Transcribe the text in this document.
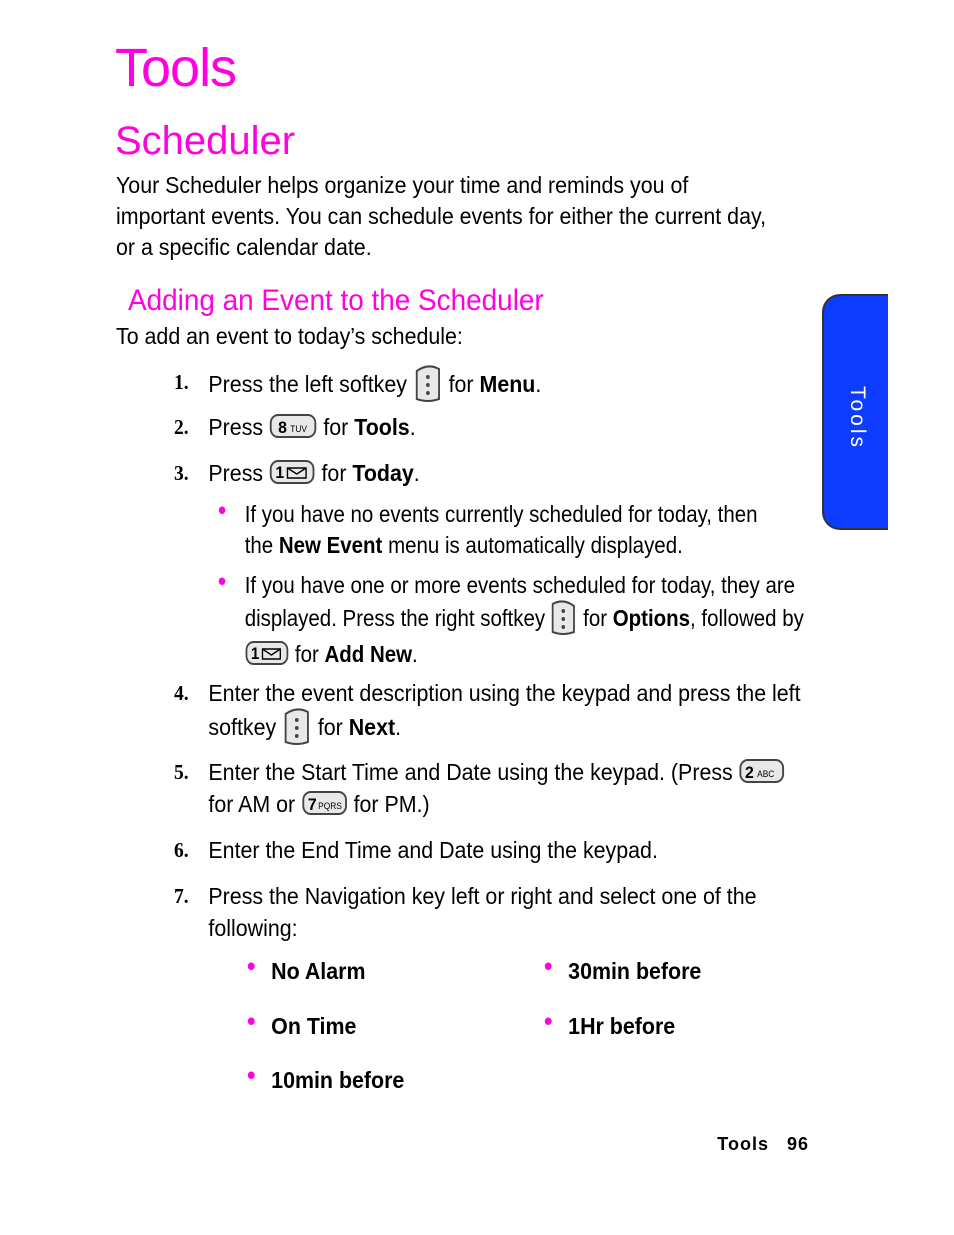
Tools
Scheduler

Your Scheduler helps organize your time and reminds you of important events. You can schedule events for either the current day, or a specific calendar date.

Adding an Event to the Scheduler

To add an event to today’s schedule:

1. Press the left softkey for Menu.
2. Press 8 TUV for Tools.
3. Press 1 for Today.
• If you have no events currently scheduled for today, then the New Event menu is automatically displayed.
• If you have one or more events scheduled for today, they are displayed. Press the right softkey for Options, followed by
1 for Add New.
4. Enter the event description using the keypad and press the left softkey for Next.
5. Enter the Start Time and Date using the keypad. (Press 2 ABC
for AM or 7 PQRS for PM.)
6. Enter the End Time and Date using the keypad.
7. Press the Navigation key left or right and select one of the following:
• No Alarm	• 30min before
• On Time	• 1Hr before
• 10min before
Tools
Tools 96
